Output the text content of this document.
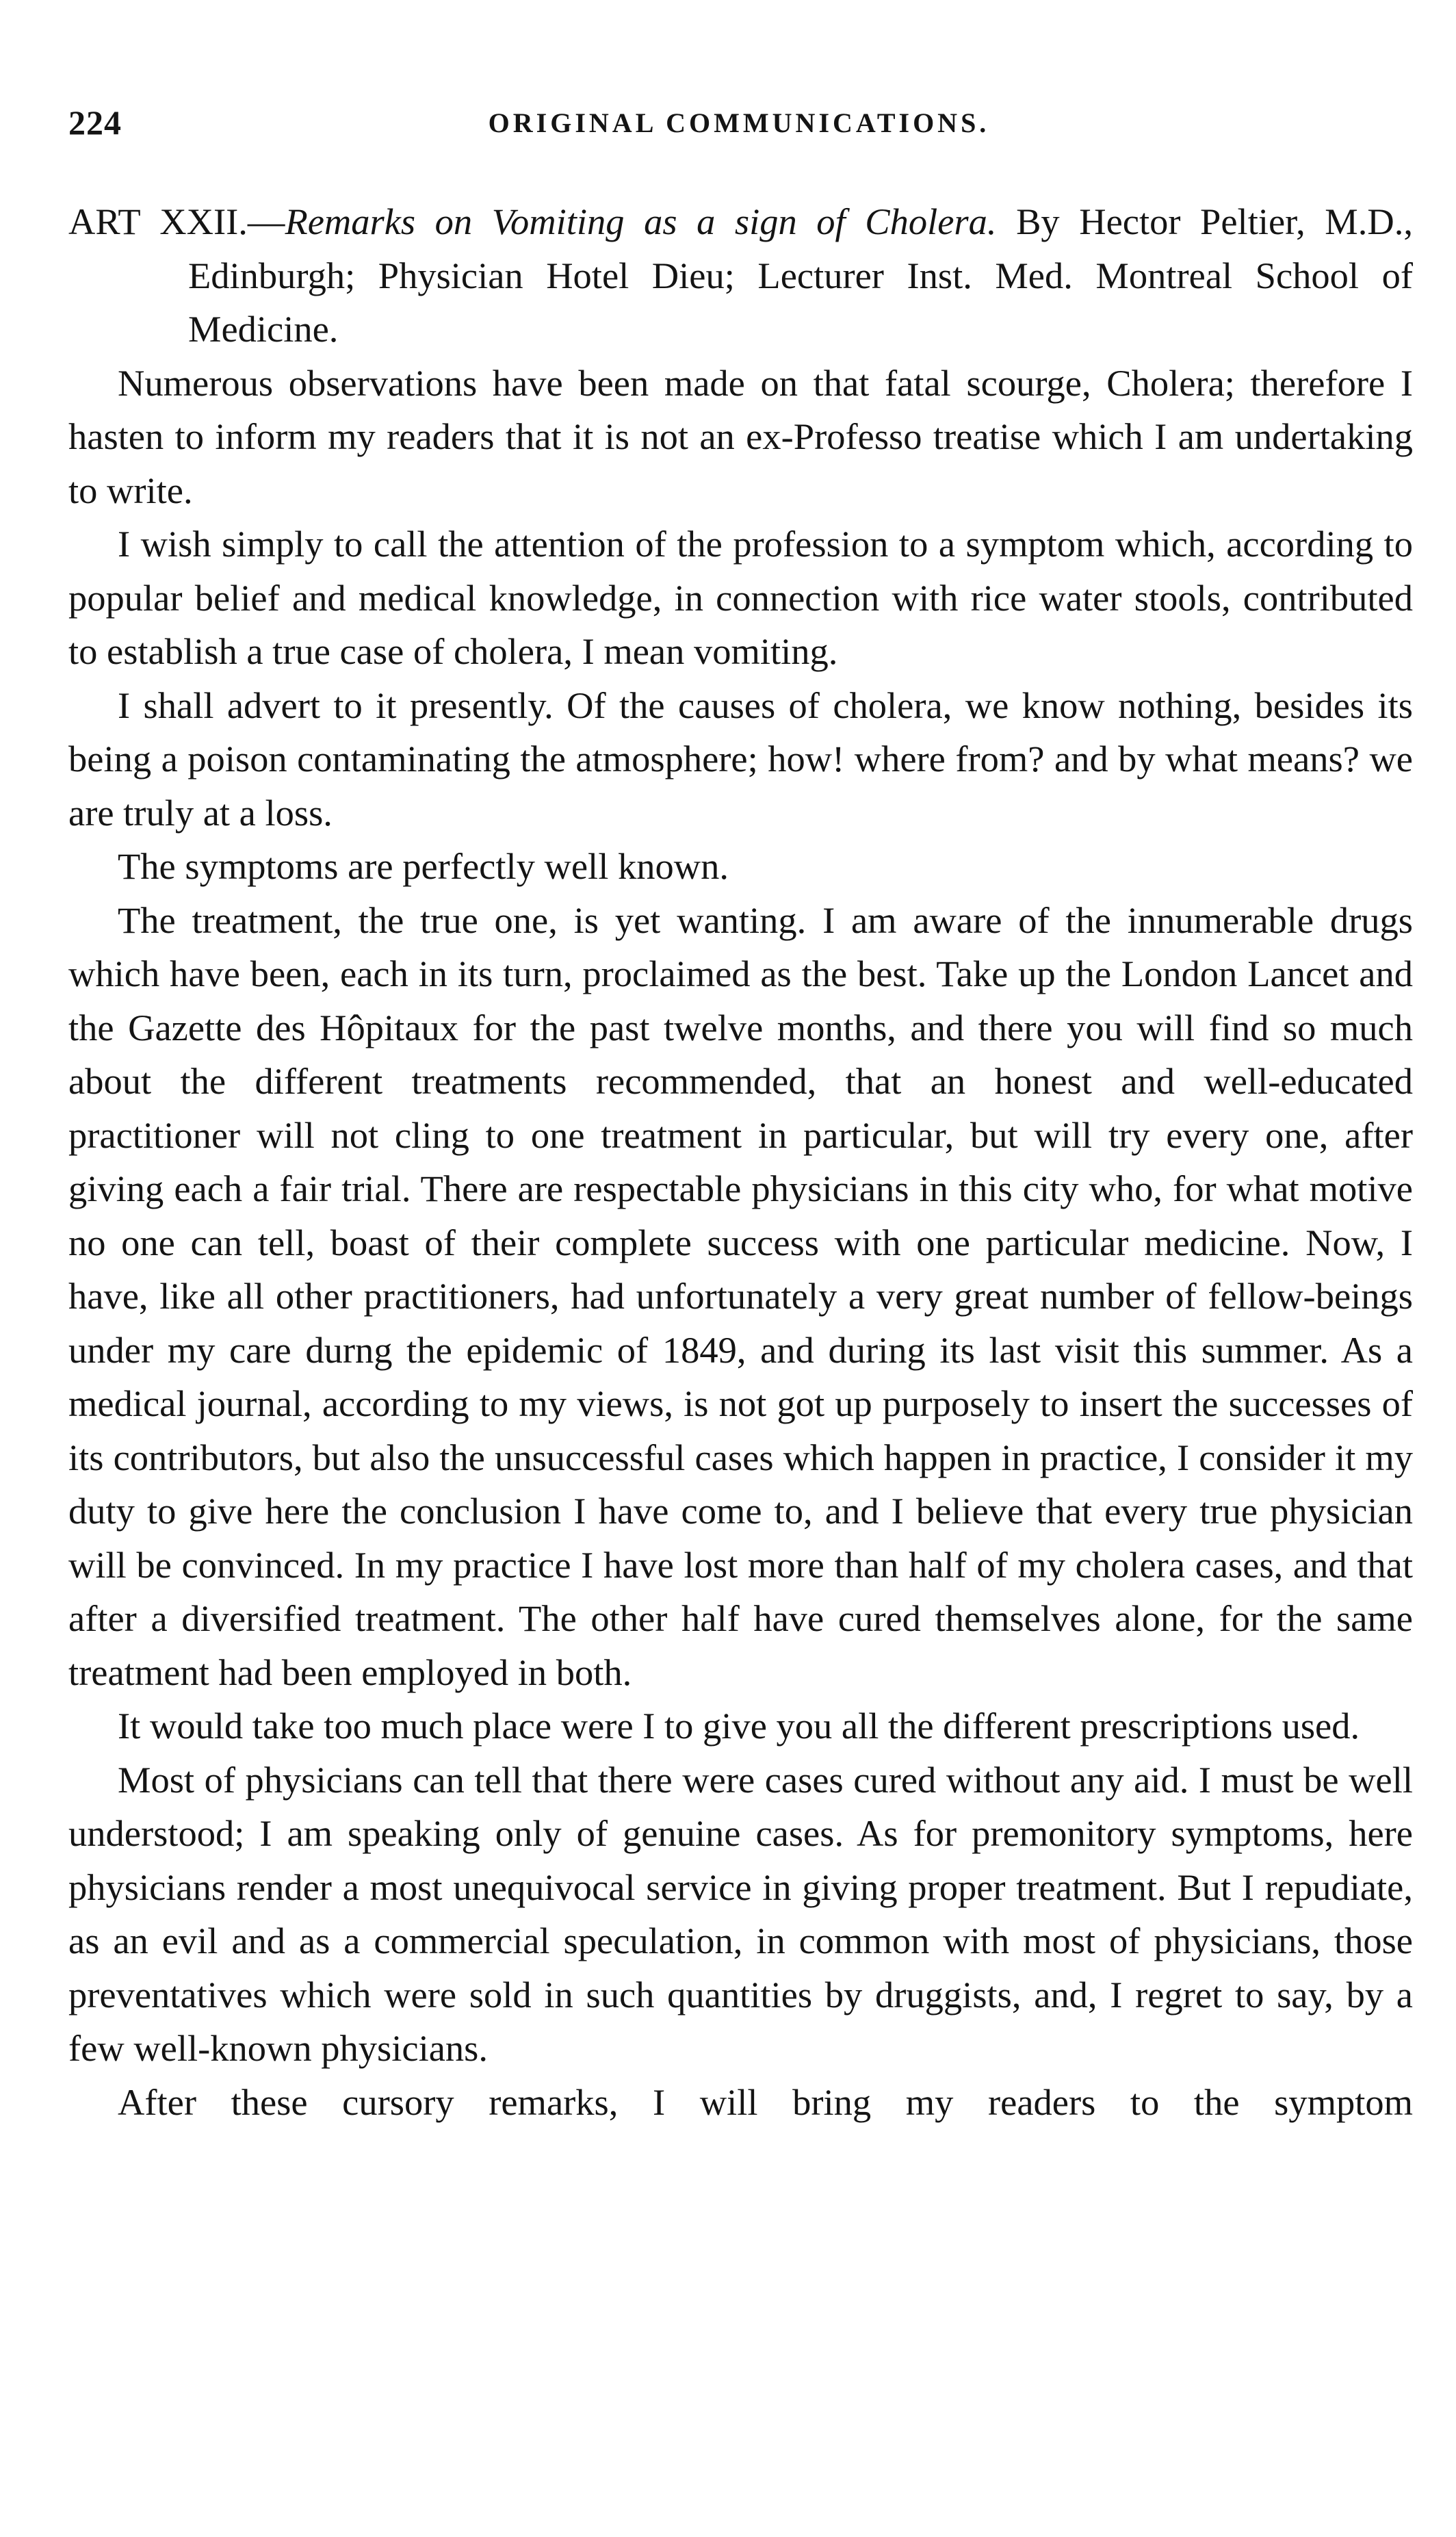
224	ORIGINAL COMMUNICATIONS.

ART XXII.—Remarks on Vomiting as a sign of Cholera. By Hector Peltier, M.D., Edinburgh; Physician Hotel Dieu; Lecturer Inst. Med. Montreal School of Medicine.

Numerous observations have been made on that fatal scourge, Cholera; therefore I hasten to inform my readers that it is not an ex-Professo treatise which I am undertaking to write.

I wish simply to call the attention of the profession to a symptom which, according to popular belief and medical knowledge, in connection with rice water stools, contributed to establish a true case of cholera, I mean vomiting.

I shall advert to it presently. Of the causes of cholera, we know nothing, besides its being a poison contaminating the atmosphere; how! where from? and by what means? we are truly at a loss.

The symptoms are perfectly well known.

The treatment, the true one, is yet wanting. I am aware of the innumerable drugs which have been, each in its turn, proclaimed as the best. Take up the London Lancet and the Gazette des Hôpitaux for the past twelve months, and there you will find so much about the different treatments recommended, that an honest and well-educated practitioner will not cling to one treatment in particular, but will try every one, after giving each a fair trial. There are respectable physicians in this city who, for what motive no one can tell, boast of their complete success with one particular medicine. Now, I have, like all other practitioners, had unfortunately a very great number of fellow-beings under my care durng the epidemic of 1849, and during its last visit this summer. As a medical journal, according to my views, is not got up purposely to insert the successes of its contributors, but also the unsuccessful cases which happen in practice, I consider it my duty to give here the conclusion I have come to, and I believe that every true physician will be convinced. In my practice I have lost more than half of my cholera cases, and that after a diversified treatment. The other half have cured themselves alone, for the same treatment had been employed in both.

It would take too much place were I to give you all the different prescriptions used.

Most of physicians can tell that there were cases cured without any aid. I must be well understood; I am speaking only of genuine cases. As for premonitory symptoms, here physicians render a most unequivocal service in giving proper treatment. But I repudiate, as an evil and as a commercial speculation, in common with most of physicians, those preventatives which were sold in such quantities by druggists, and, I regret to say, by a few well-known physicians.

After these cursory remarks, I will bring my readers to the symptom
